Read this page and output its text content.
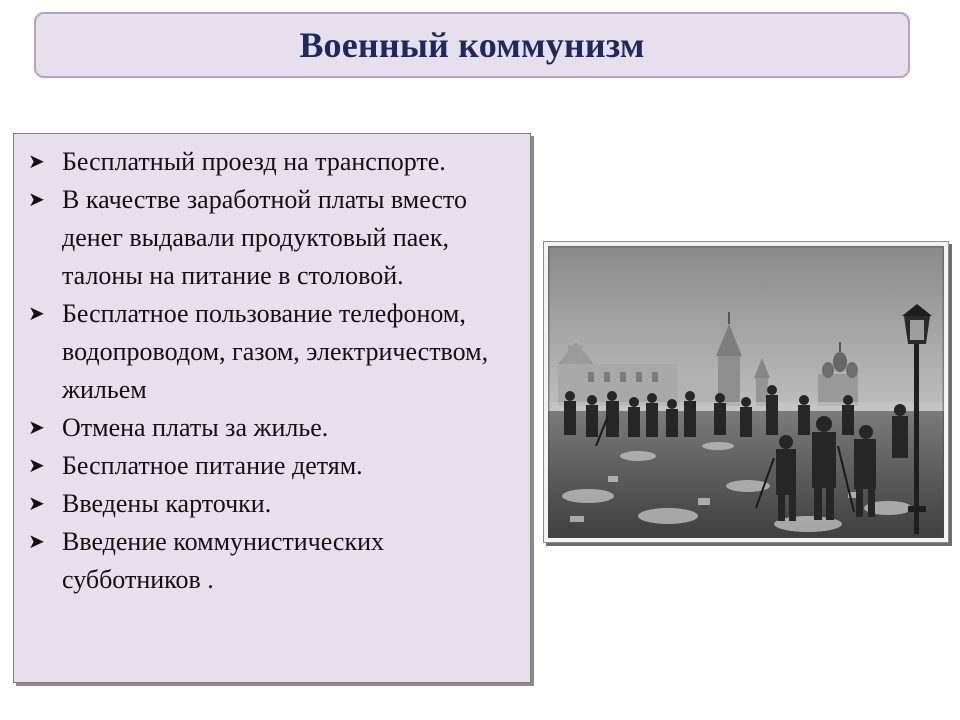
Военный коммунизм
➤ Бесплатный проезд на транспорте.
➤ В качестве заработной платы вместо денег выдавали продуктовый паек, талоны на питание в столовой.
➤ Бесплатное пользование телефоном, водопроводом, газом, электричеством, жильем
➤ Отмена платы за жилье.
➤ Бесплатное питание детям.
➤ Введены карточки.
➤ Введение коммунистических субботников .
